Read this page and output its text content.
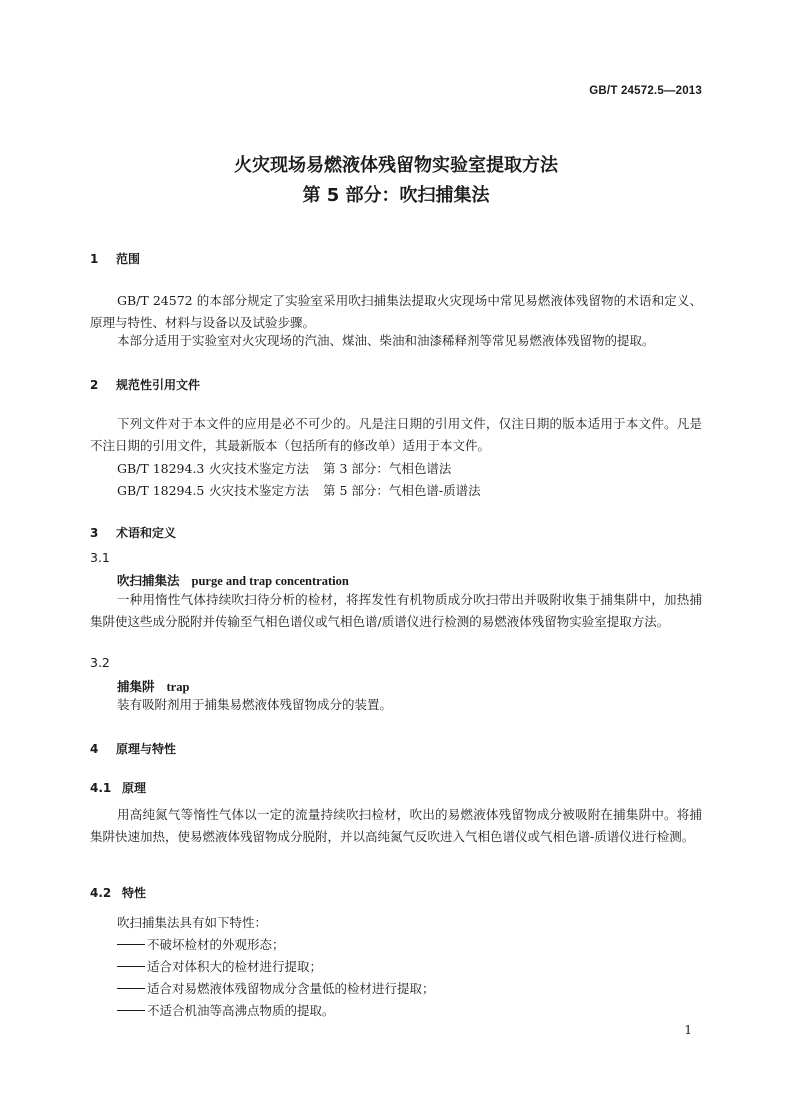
GB/T 24572.5—2013
火灾现场易燃液体残留物实验室提取方法
第 5 部分：吹扫捕集法
1 范围
GB/T 24572 的本部分规定了实验室采用吹扫捕集法提取火灾现场中常见易燃液体残留物的术语和定义、原理与特性、材料与设备以及试验步骤。
本部分适用于实验室对火灾现场的汽油、煤油、柴油和油漆稀释剂等常见易燃液体残留物的提取。
2 规范性引用文件
下列文件对于本文件的应用是必不可少的。凡是注日期的引用文件，仅注日期的版本适用于本文件。凡是不注日期的引用文件，其最新版本（包括所有的修改单）适用于本文件。
GB/T 18294.3 火灾技术鉴定方法 第 3 部分：气相色谱法
GB/T 18294.5 火灾技术鉴定方法 第 5 部分：气相色谱-质谱法
3 术语和定义
3.1
吹扫捕集法 purge and trap concentration
一种用惰性气体持续吹扫待分析的检材，将挥发性有机物质成分吹扫带出并吸附收集于捕集阱中，加热捕集阱使这些成分脱附并传输至气相色谱仪或气相色谱/质谱仪进行检测的易燃液体残留物实验室提取方法。
3.2
捕集阱 trap
装有吸附剂用于捕集易燃液体残留物成分的装置。
4 原理与特性
4.1 原理
用高纯氮气等惰性气体以一定的流量持续吹扫检材，吹出的易燃液体残留物成分被吸附在捕集阱中。将捕集阱快速加热，使易燃液体残留物成分脱附，并以高纯氮气反吹进入气相色谱仪或气相色谱-质谱仪进行检测。
4.2 特性
吹扫捕集法具有如下特性：
不破坏检材的外观形态；
适合对体积大的检材进行提取；
适合对易燃液体残留物成分含量低的检材进行提取；
不适合机油等高沸点物质的提取。
1
